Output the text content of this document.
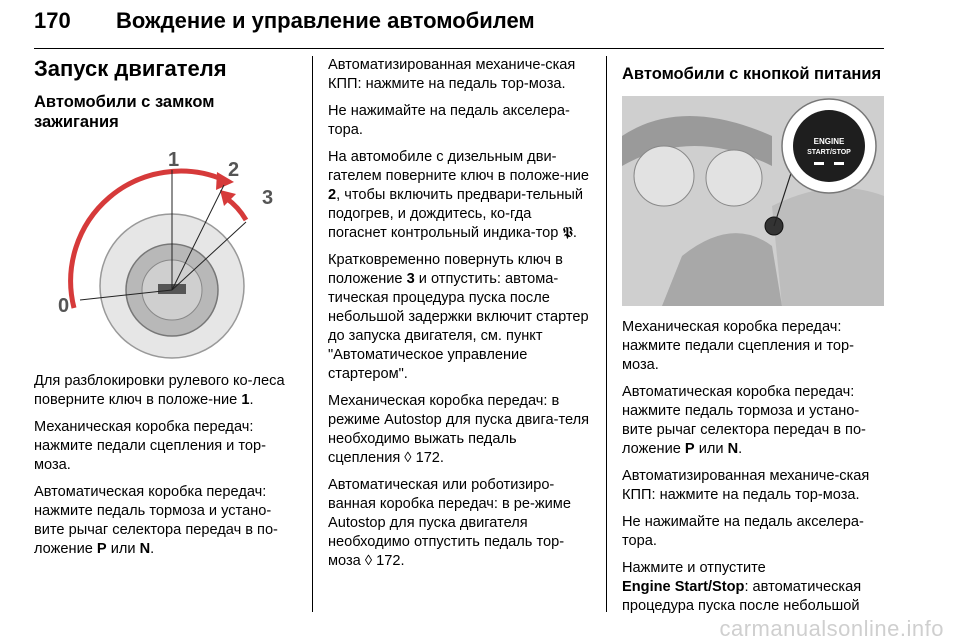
170 Вождение и управление автомобилем
Запуск двигателя
Автомобили с замком зажигания
0
1 2
3

Для разблокировки рулевого ко-леса поверните ключ в положе-ние 1.

Механическая коробка передач: нажмите педали сцепления и тор-моза.

Автоматическая коробка передач: нажмите педаль тормоза и устано-вите рычаг селектора передач в по-ложение P или N.

Автоматизированная механиче-ская КПП: нажмите на педаль тор-моза.

Не нажимайте на педаль акселера-тора.

На автомобиле с дизельным дви-гателем поверните ключ в положе-ние 2, чтобы включить предвари-тельный подогрев, и дождитесь, ко-гда погаснет контрольный индика-тор 𝕻.

Кратковременно повернуть ключ в положение 3 и отпустить: автома-тическая процедура пуска после небольшой задержки включит стартер до запуска двигателя, см. пункт "Автоматическое управление стартером".

Механическая коробка передач: в режиме Autostop для пуска двига-теля необходимо выжать педаль сцепления ◊ 172.

Автоматическая или роботизиро-ванная коробка передач: в ре-жиме Autostop для пуска двигателя необходимо отпустить педаль тор-моза ◊ 172.

Автомобили с кнопкой питания
ENGINE
START/STOP

Механическая коробка передач: нажмите педали сцепления и тор-моза.

Автоматическая коробка передач: нажмите педаль тормоза и устано-вите рычаг селектора передач в по-ложение P или N.

Автоматизированная механиче-ская КПП: нажмите на педаль тор-моза.

Не нажимайте на педаль акселера-тора.

Нажмите и отпустите
Engine Start/Stop: автоматическая процедура пуска после небольшой

carmanualsonline.info
